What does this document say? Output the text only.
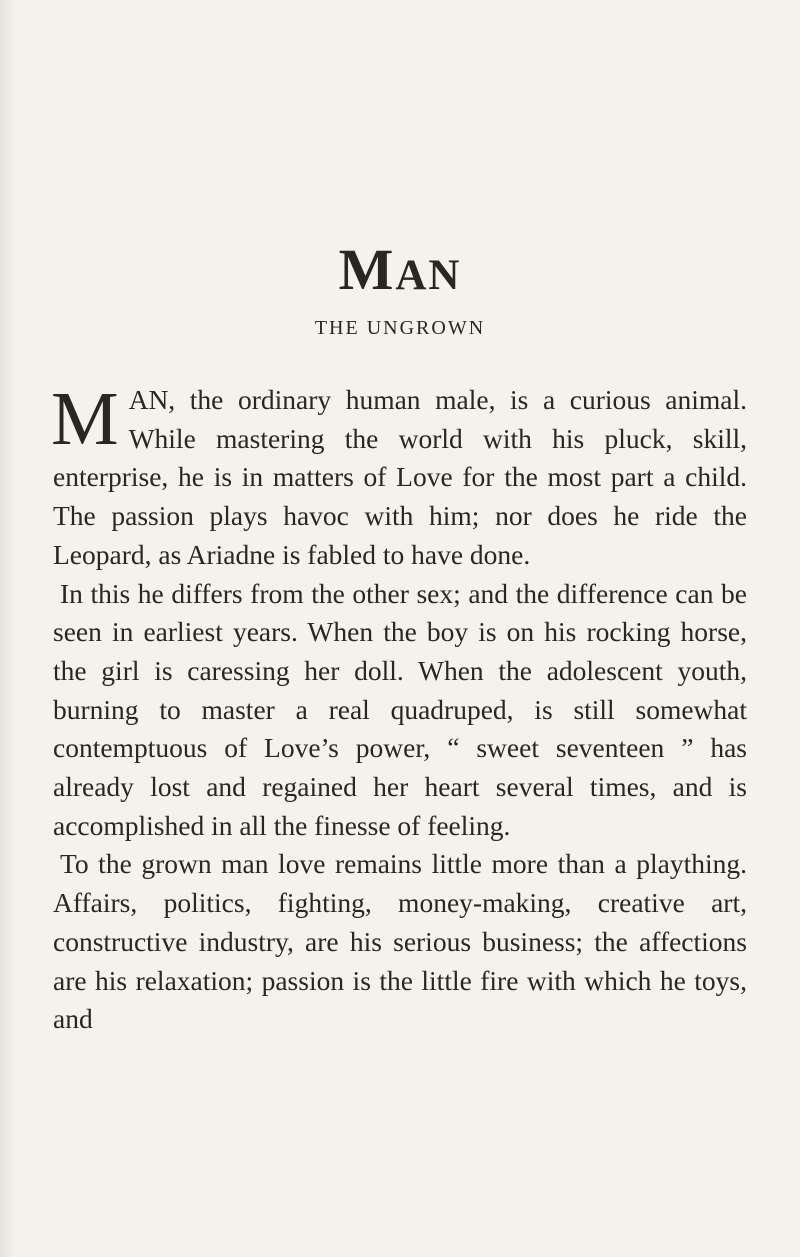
MAN
THE UNGROWN

MAN, the ordinary human male, is a curious animal. While mastering the world with his pluck, skill, enterprise, he is in matters of Love for the most part a child. The passion plays havoc with him; nor does he ride the Leopard, as Ariadne is fabled to have done.

In this he differs from the other sex; and the difference can be seen in earliest years. When the boy is on his rocking horse, the girl is caressing her doll. When the adolescent youth, burning to master a real quadruped, is still somewhat contemptuous of Love’s power, “ sweet seventeen ” has already lost and regained her heart several times, and is accomplished in all the finesse of feeling.

To the grown man love remains little more than a plaything. Affairs, politics, fighting, money-making, creative art, constructive industry, are his serious business; the affections are his relaxation; passion is the little fire with which he toys, and
